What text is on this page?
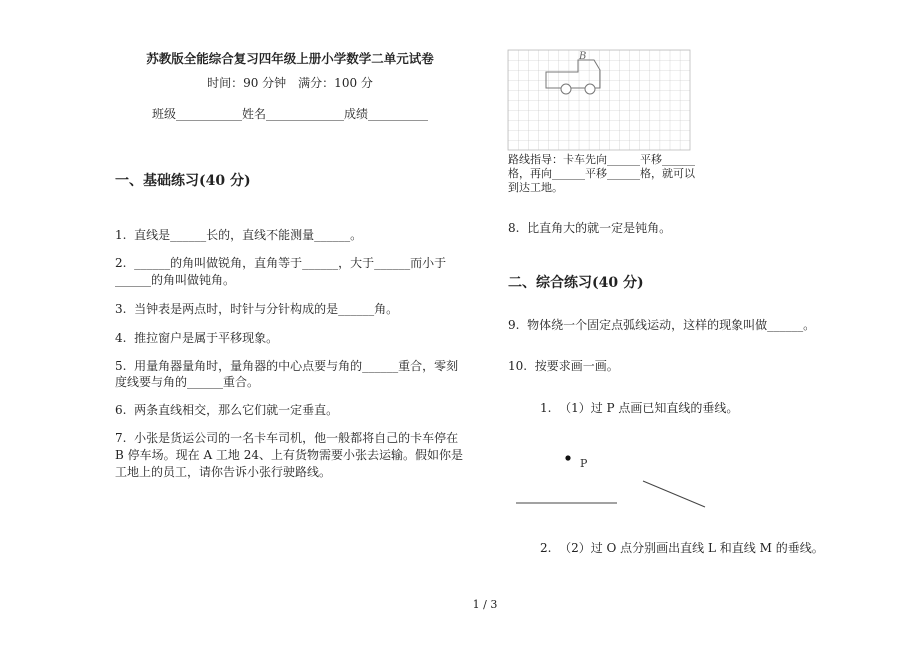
苏教版全能综合复习四年级上册小学数学二单元试卷
时间：90 分钟　满分：100 分
班级___________姓名_____________成绩__________
一、基础练习(40 分)
1.  直线是______长的，直线不能测量______。
2.  ______的角叫做锐角，直角等于______，大于______而小于
______的角叫做钝角。
3.  当钟表是两点时，时针与分针构成的是______角。
4.  推拉窗户是属于平移现象。
5.  用量角器量角时，量角器的中心点要与角的______重合，零刻
度线要与角的______重合。
6.  两条直线相交，那么它们就一定垂直。
7.  小张是货运公司的一名卡车司机，他一般都将自己的卡车停在
B 停车场。现在 A 工地 24、上有货物需要小张去运输。假如你是
工地上的员工，请你告诉小张行驶路线。
B
路线指导：卡车先向______平移______
格，再向______平移______格，就可以
到达工地。
8.  比直角大的就一定是钝角。
二、综合练习(40 分)
9.  物体绕一个固定点弧线运动，这样的现象叫做______。
10.  按要求画一画。
1.  （1）过 P 点画已知直线的垂线。
P
2.  （2）过 O 点分别画出直线 L 和直线 M 的垂线。
1 / 3
